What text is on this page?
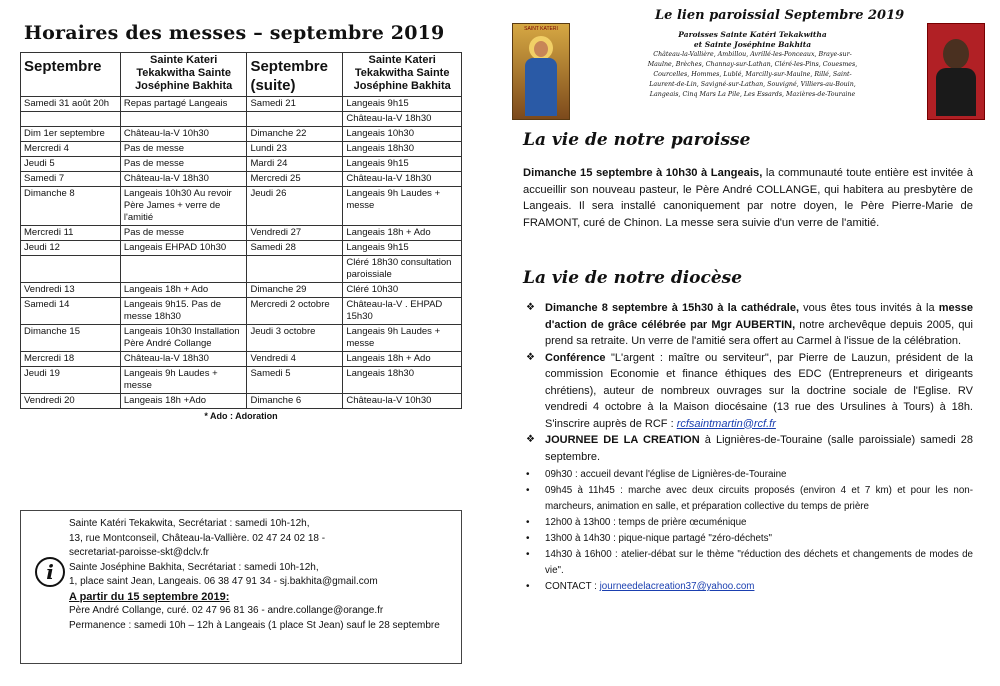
Horaires des messes – septembre 2019
Septembre	Sainte Kateri Tekakwitha Sainte Joséphine Bakhita	Septembre (suite)	Sainte Kateri Tekakwitha Sainte Joséphine Bakhita
Samedi 31 août 20h	Repas partagé Langeais	Samedi 21	Langeais 9h15
			Château-la-V 18h30
Dim 1er septembre	Château-la-V 10h30	Dimanche 22	Langeais 10h30
Mercredi 4	Pas de messe	Lundi 23	Langeais 18h30
Jeudi 5	Pas de messe	Mardi 24	Langeais 9h15
Samedi 7	Château-la-V 18h30	Mercredi 25	Château-la-V 18h30
Dimanche 8	Langeais 10h30 Au revoir Père James + verre de l'amitié	Jeudi 26	Langeais 9h Laudes + messe
Mercredi 11	Pas de messe	Vendredi 27	Langeais 18h + Ado
Jeudi 12	Langeais EHPAD 10h30	Samedi 28	Langeais 9h15
			Cléré 18h30 consultation paroissiale
Vendredi 13	Langeais 18h + Ado	Dimanche 29	Cléré 10h30
Samedi 14	Langeais 9h15. Pas de messe 18h30	Mercredi 2 octobre	Château-la-V . EHPAD 15h30
Dimanche 15	Langeais 10h30 Installation Père André Collange	Jeudi 3 octobre	Langeais 9h Laudes + messe
Mercredi 18	Château-la-V 18h30	Vendredi 4	Langeais 18h + Ado
Jeudi 19	Langeais 9h Laudes + messe	Samedi 5	Langeais 18h30
Vendredi 20	Langeais 18h +Ado	Dimanche 6	Château-la-V 10h30
* Ado : Adoration
i
Sainte Katéri Tekakwita, Secrétariat : samedi 10h-12h,
13, rue Montconseil, Château-la-Vallière. 02 47 24 02 18 -
secretariat-paroisse-skt@dclv.fr
Sainte Joséphine Bakhita, Secrétariat : samedi 10h-12h,
1, place saint Jean, Langeais. 06 38 47 91 34 - sj.bakhita@gmail.com
A partir du 15 septembre 2019:
Père André Collange, curé. 02 47 96 81 36 - andre.collange@orange.fr
Permanence : samedi 10h – 12h à Langeais (1 place St Jean) sauf le 28 septembre
SAINT KATERI
Le lien paroissial Septembre 2019
Paroisses Sainte Katéri Tekakwitha
et Sainte Joséphine Bakhita
Château-la-Vallière, Ambillou, Avrillé-les-Ponceaux, Braye-sur-Maulne, Brèches, Channay-sur-Lathan, Cléré-les-Pins, Couesmes, Courcelles, Hommes, Lublé, Marcilly-sur-Maulne, Rillé, Saint-Laurent-de-Lin, Savigné-sur-Lathan, Souvigné, Villiers-au-Bouin, Langeais, Cinq Mars La Pile, Les Essards, Mazières-de-Touraine
La vie de notre paroisse
Dimanche 15 septembre à 10h30 à Langeais, la communauté toute entière est invitée à accueillir son nouveau pasteur, le Père André COLLANGE, qui habitera au presbytère de Langeais. Il sera installé canoniquement par notre doyen, le Père Pierre-Marie de FRAMONT, curé de Chinon. La messe sera suivie d'un verre de l'amitié.
La vie de notre diocèse
❖ Dimanche 8 septembre à 15h30 à la cathédrale, vous êtes tous invités à la messe d'action de grâce célébrée par Mgr AUBERTIN, notre archevêque depuis 2005, qui prend sa retraite. Un verre de l'amitié sera offert au Carmel à l'issue de la célébration.
❖ Conférence "L'argent : maître ou serviteur", par Pierre de Lauzun, président de la commission Economie et finance éthiques des EDC (Entrepreneurs et dirigeants chrétiens), auteur de nombreux ouvrages sur la doctrine sociale de l'Eglise. RV vendredi 4 octobre à la Maison diocésaine (13 rue des Ursulines à Tours) à 18h. S'inscrire auprès de RCF : rcfsaintmartin@rcf.fr
❖ JOURNEE DE LA CREATION à Lignières-de-Touraine (salle paroissiale) samedi 28 septembre.
• 09h30 : accueil devant l'église de Lignières-de-Touraine
• 09h45 à 11h45 : marche avec deux circuits proposés (environ 4 et 7 km) et pour les non-marcheurs, animation en salle, et préparation collective du temps de prière
• 12h00 à 13h00 : temps de prière œcuménique
• 13h00 à 14h30 : pique-nique partagé "zéro-déchets"
• 14h30 à 16h00 : atelier-débat sur le thème "réduction des déchets et changements de modes de vie".
• CONTACT : journeedelacreation37@yahoo.com
